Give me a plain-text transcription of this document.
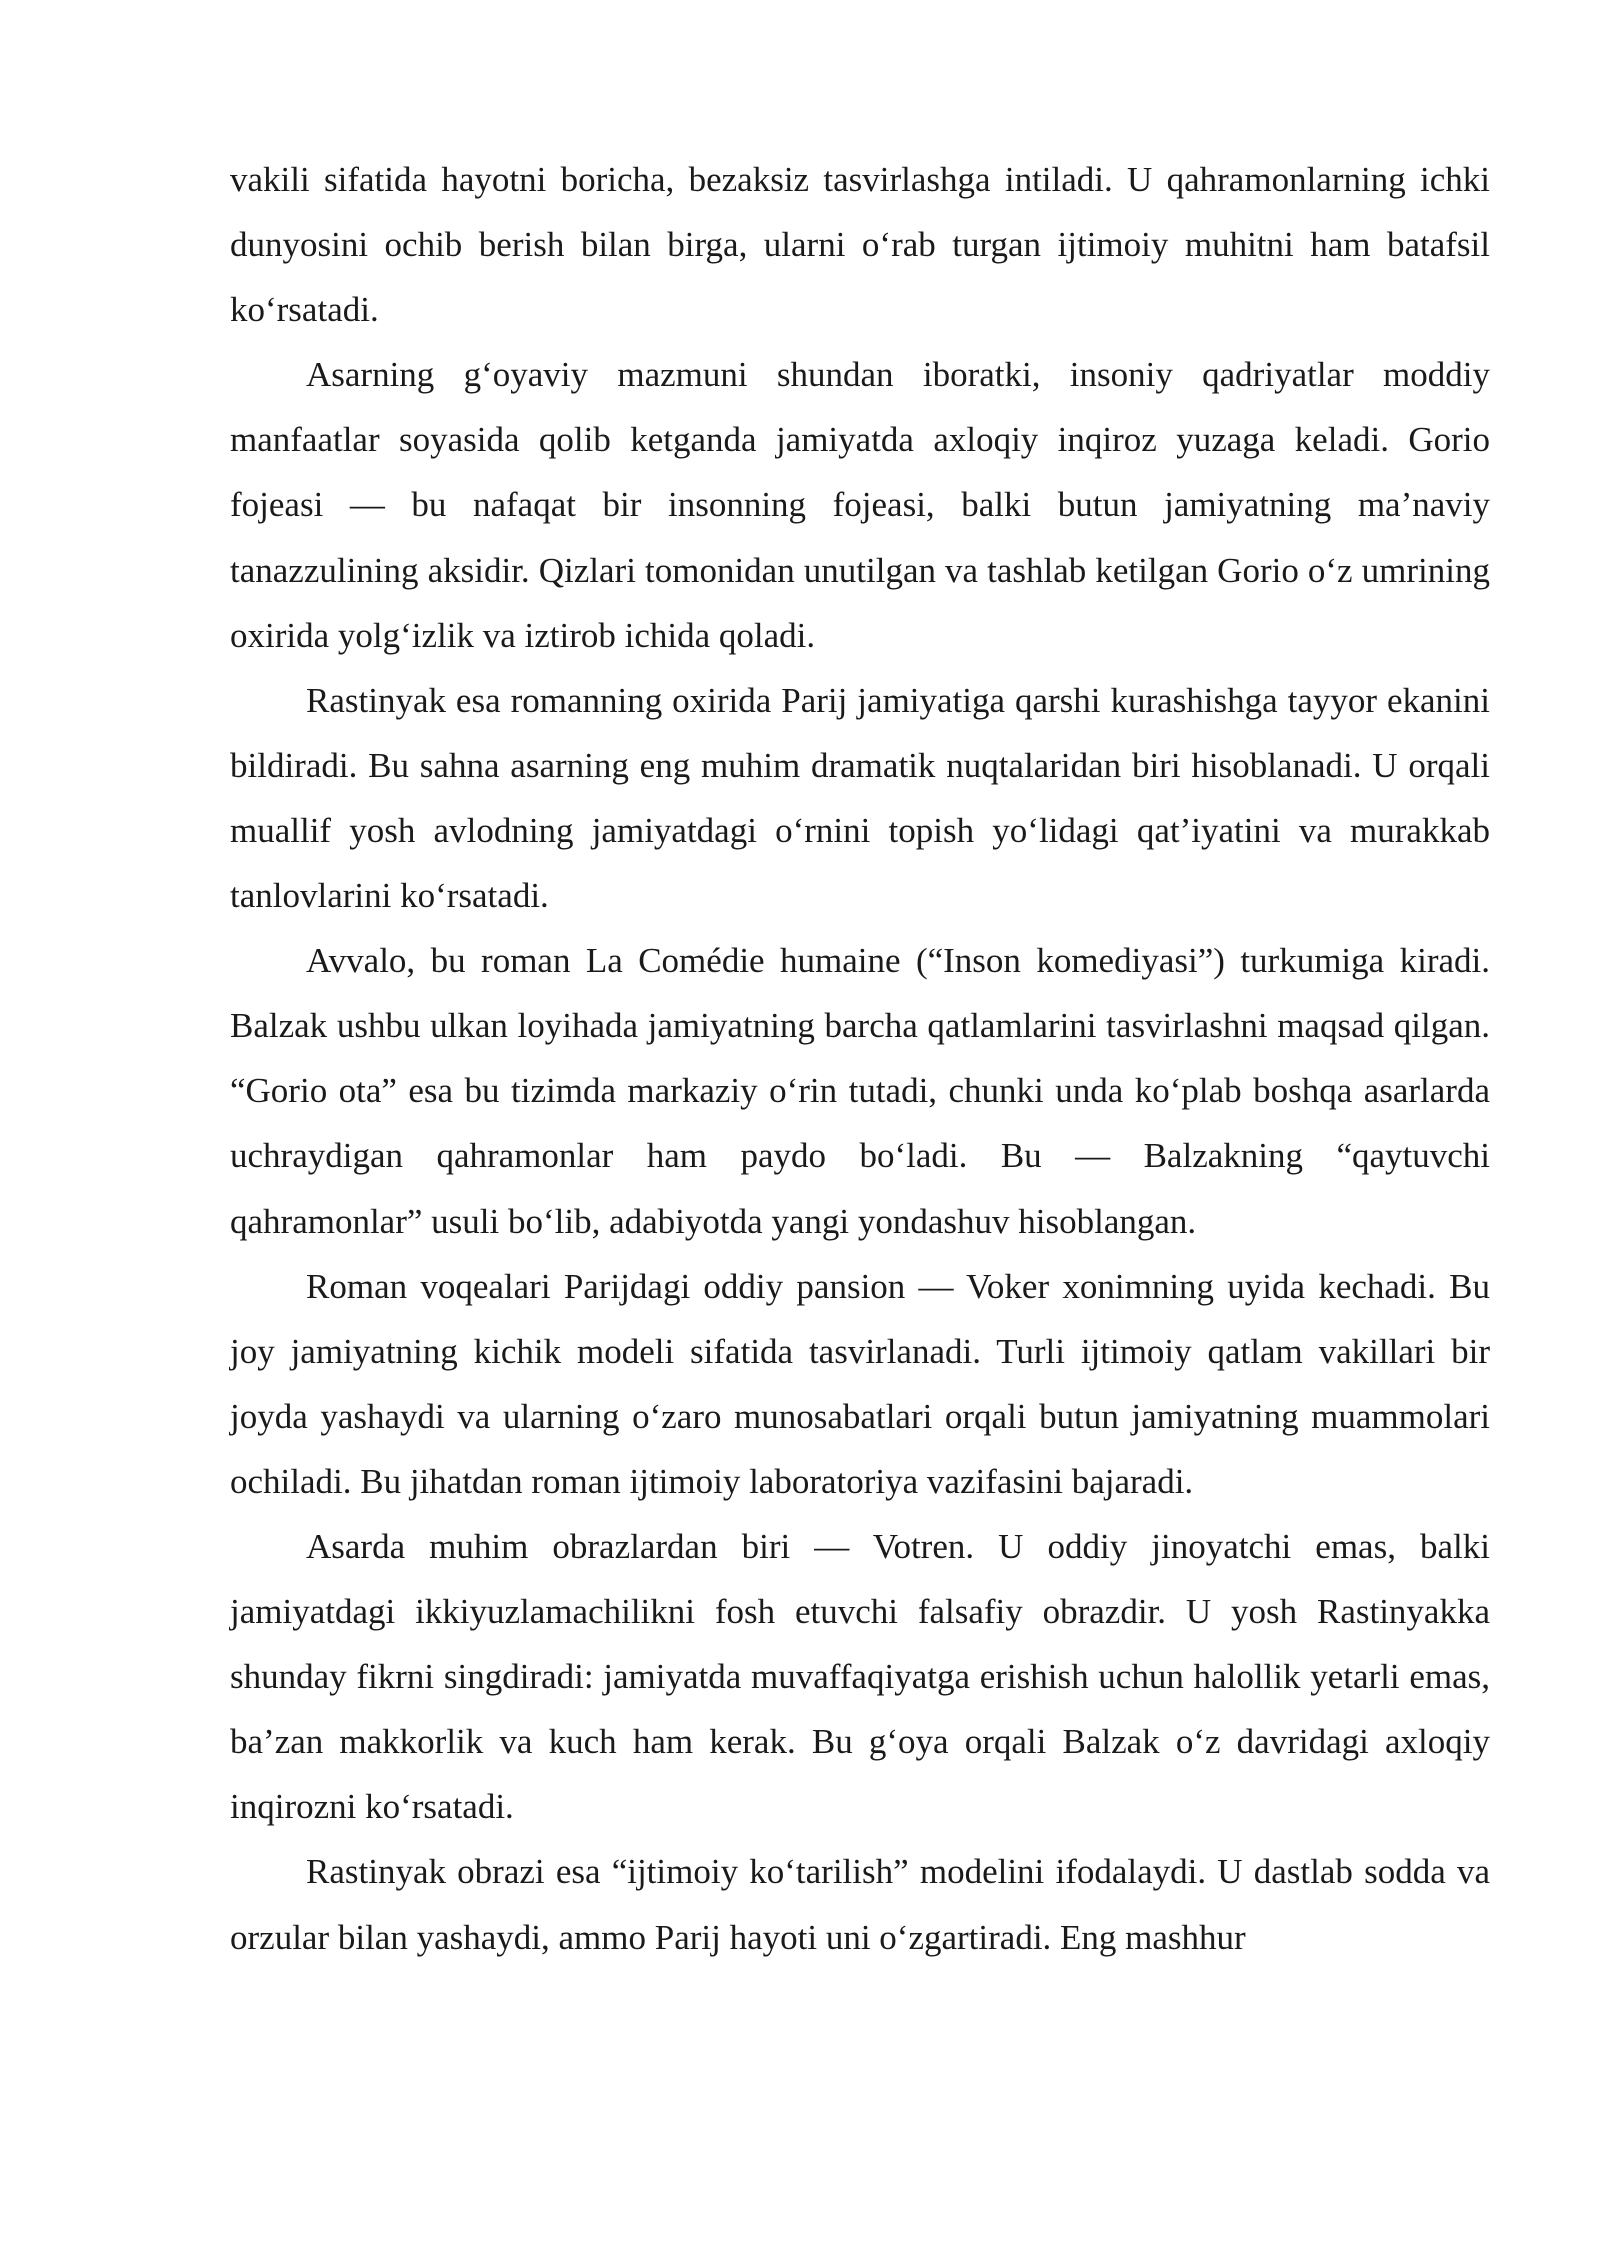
vakili sifatida hayotni boricha, bezaksiz tasvirlashga intiladi. U qahramonlarning ichki dunyosini ochib berish bilan birga, ularni o‘rab turgan ijtimoiy muhitni ham batafsil ko‘rsatadi.

Asarning g‘oyaviy mazmuni shundan iboratki, insoniy qadriyatlar moddiy manfaatlar soyasida qolib ketganda jamiyatda axloqiy inqiroz yuzaga keladi. Gorio fojeasi — bu nafaqat bir insonning fojeasi, balki butun jamiyatning ma’naviy tanazzulining aksidir. Qizlari tomonidan unutilgan va tashlab ketilgan Gorio o‘z umrining oxirida yolg‘izlik va iztirob ichida qoladi.

Rastinyak esa romanning oxirida Parij jamiyatiga qarshi kurashishga tayyor ekanini bildiradi. Bu sahna asarning eng muhim dramatik nuqtalaridan biri hisoblanadi. U orqali muallif yosh avlodning jamiyatdagi o‘rnini topish yo‘lidagi qat’iyatini va murakkab tanlovlarini ko‘rsatadi.

Avvalo, bu roman La Comédie humaine (“Inson komediyasi”) turkumiga kiradi. Balzak ushbu ulkan loyihada jamiyatning barcha qatlamlarini tasvirlashni maqsad qilgan. “Gorio ota” esa bu tizimda markaziy o‘rin tutadi, chunki unda ko‘plab boshqa asarlarda uchraydigan qahramonlar ham paydo bo‘ladi. Bu — Balzakning “qaytuvchi qahramonlar” usuli bo‘lib, adabiyotda yangi yondashuv hisoblangan.

Roman voqealari Parijdagi oddiy pansion — Voker xonimning uyida kechadi. Bu joy jamiyatning kichik modeli sifatida tasvirlanadi. Turli ijtimoiy qatlam vakillari bir joyda yashaydi va ularning o‘zaro munosabatlari orqali butun jamiyatning muammolari ochiladi. Bu jihatdan roman ijtimoiy laboratoriya vazifasini bajaradi.

Asarda muhim obrazlardan biri — Votren. U oddiy jinoyatchi emas, balki jamiyatdagi ikkiyuzlamachilikni fosh etuvchi falsafiy obrazdir. U yosh Rastinyakka shunday fikrni singdiradi: jamiyatda muvaffaqiyatga erishish uchun halollik yetarli emas, ba’zan makkorlik va kuch ham kerak. Bu g‘oya orqali Balzak o‘z davridagi axloqiy inqirozni ko‘rsatadi.

Rastinyak obrazi esa “ijtimoiy ko‘tarilish” modelini ifodalaydi. U dastlab sodda va orzular bilan yashaydi, ammo Parij hayoti uni o‘zgartiradi. Eng mashhur
